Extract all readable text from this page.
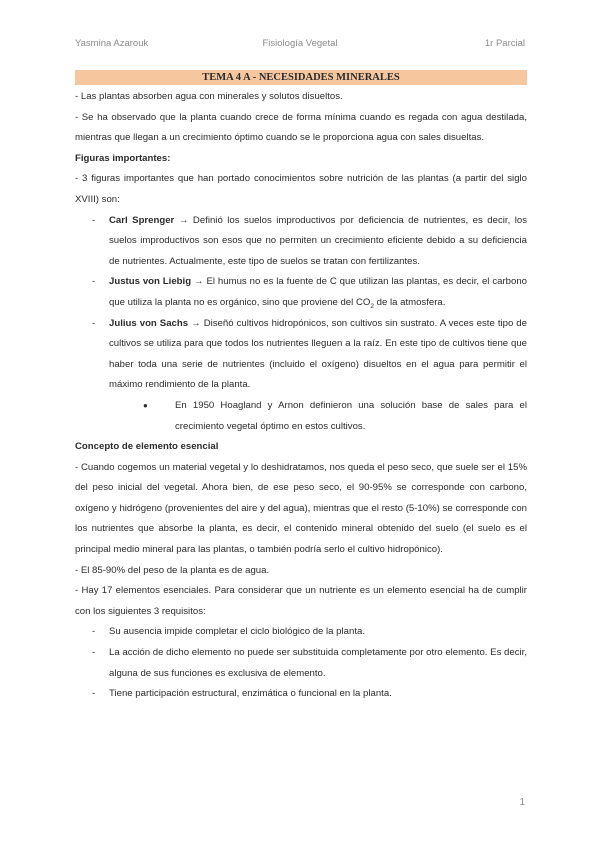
Yasmina Azarouk	Fisiología Vegetal	1r Parcial
TEMA 4 A - NECESIDADES MINERALES

- Las plantas absorben agua con minerales y solutos disueltos.

- Se ha observado que la planta cuando crece de forma mínima cuando es regada con agua destilada, mientras que llegan a un crecimiento óptimo cuando se le proporciona agua con sales disueltas.

Figuras importantes:

- 3 figuras importantes que han portado conocimientos sobre nutrición de las plantas (a partir del siglo XVIII) son:

- Carl Sprenger → Definió los suelos improductivos por deficiencia de nutrientes, es decir, los suelos improductivos son esos que no permiten un crecimiento eficiente debido a su deficiencia de nutrientes. Actualmente, este tipo de suelos se tratan con fertilizantes.
- Justus von Liebig → El humus no es la fuente de C que utilizan las plantas, es decir, el carbono que utiliza la planta no es orgánico, sino que proviene del $CO_2$ de la atmosfera.
- Julius von Sachs → Diseñó cultivos hidropónicos, son cultivos sin sustrato. A veces este tipo de cultivos se utiliza para que todos los nutrientes lleguen a la raíz. En este tipo de cultivos tiene que haber toda una serie de nutrientes (incluido el oxígeno) disueltos en el agua para permitir el máximo rendimiento de la planta.
●	En 1950 Hoagland y Arnon definieron una solución base de sales para el crecimiento vegetal óptimo en estos cultivos.

Concepto de elemento esencial

- Cuando cogemos un material vegetal y lo deshidratamos, nos queda el peso seco, que suele ser el 15% del peso inicial del vegetal. Ahora bien, de ese peso seco, el 90-95% se corresponde con carbono, oxígeno y hidrógeno (provenientes del aire y del agua), mientras que el resto (5-10%) se corresponde con los nutrientes que absorbe la planta, es decir, el contenido mineral obtenido del suelo (el suelo es el principal medio mineral para las plantas, o también podría serlo el cultivo hidropónico).

- El 85-90% del peso de la planta es de agua.

- Hay 17 elementos esenciales. Para considerar que un nutriente es un elemento esencial ha de cumplir con los siguientes 3 requisitos:

- Su ausencia impide completar el ciclo biológico de la planta.
- La acción de dicho elemento no puede ser substituida completamente por otro elemento. Es decir, alguna de sus funciones es exclusiva de elemento.
- Tiene participación estructural, enzimática o funcional en la planta.
1
